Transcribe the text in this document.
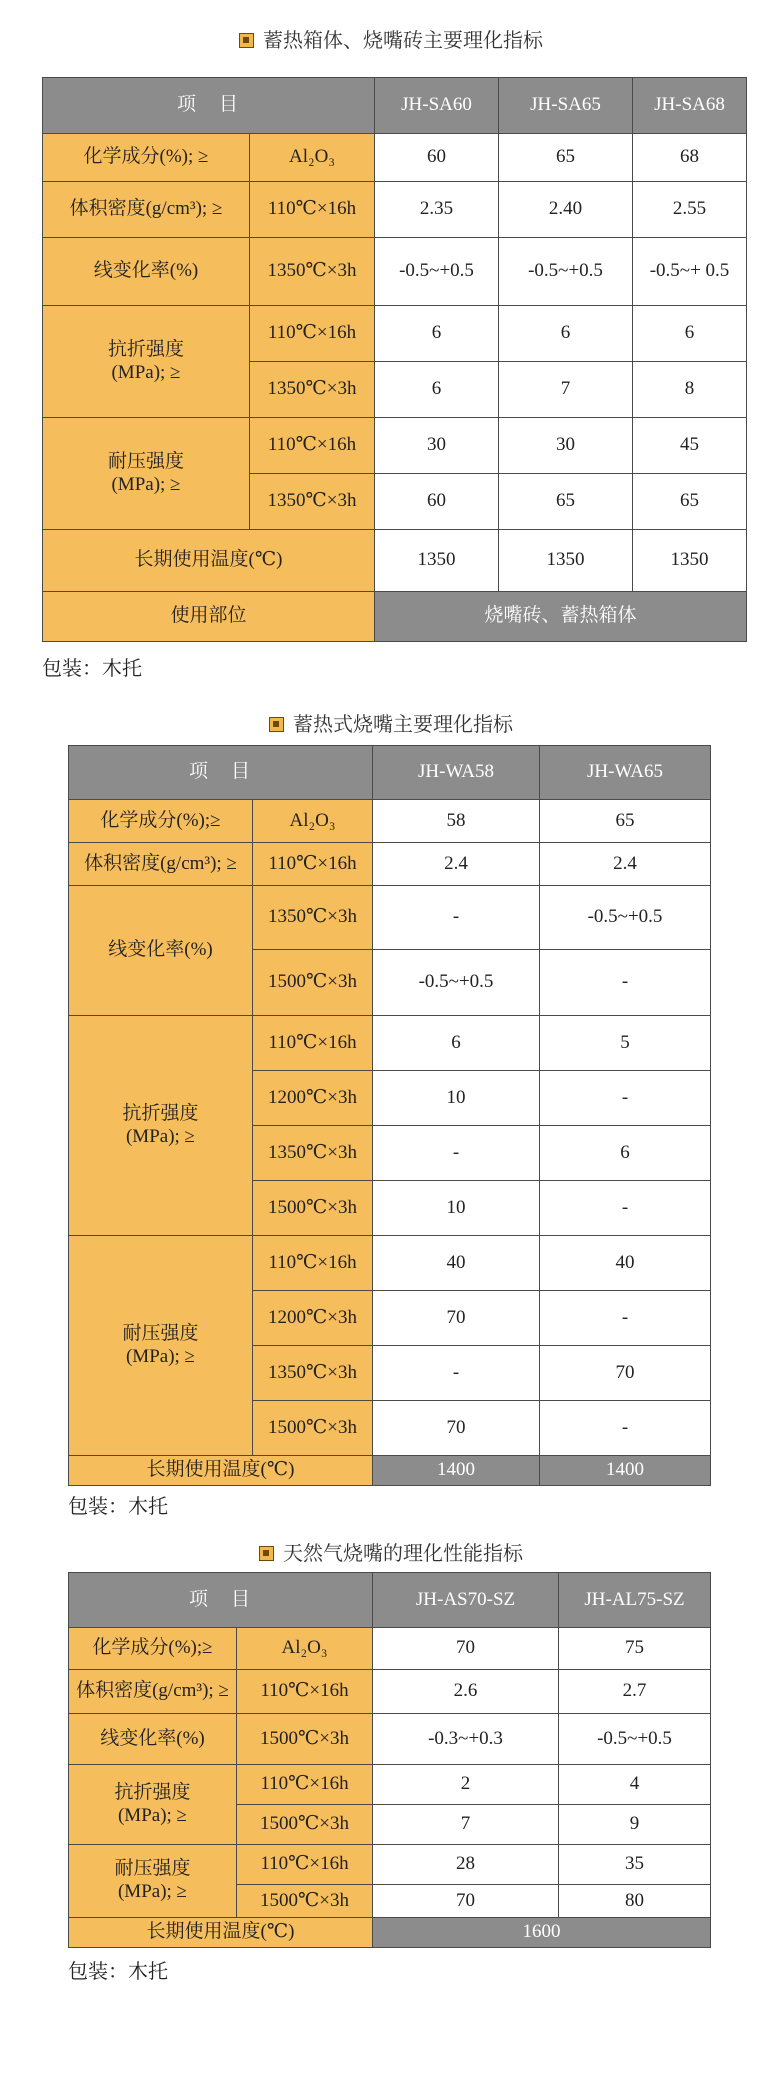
蓄热箱体、烧嘴砖主要理化指标
项　目		JH-SA60	JH-SA65	JH-SA68
化学成分(%); ≥	Al₂O₃	60	65	68
体积密度(g/cm³); ≥	110℃×16h	2.35	2.40	2.55
线变化率(%)	1350℃×3h	-0.5~+0.5	-0.5~+0.5	-0.5~+ 0.5

抗折强度
(MPa); ≥	110℃×16h	6	6	6
	1350℃×3h	6	7	8

耐压强度
(MPa); ≥	110℃×16h	30	30	45
	1350℃×3h	60	65	65
长期使用温度(℃)		1350	1350	1350
使用部位		烧嘴砖、蓄热箱体		
包装：木托
蓄热式烧嘴主要理化指标
项　目		JH-WA58	JH-WA65
化学成分(%);≥	Al₂O₃	58	65
体积密度(g/cm³); ≥	110℃×16h	2.4	2.4
线变化率(%)	1350℃×3h	-	-0.5~+0.5
	1500℃×3h	-0.5~+0.5	-

抗折强度
(MPa); ≥	110℃×16h	6	5
	1200℃×3h	10	-
	1350℃×3h	-	6
	1500℃×3h	10	-

耐压强度
(MPa); ≥	110℃×16h	40	40
	1200℃×3h	70	-
	1350℃×3h	-	70
	1500℃×3h	70	-
长期使用温度(℃)		1400	1400
包装：木托
天然气烧嘴的理化性能指标
项　目		JH-AS70-SZ	JH-AL75-SZ
化学成分(%);≥	Al₂O₃	70	75
体积密度(g/cm³); ≥	110℃×16h	2.6	2.7
线变化率(%)	1500℃×3h	-0.3~+0.3	-0.5~+0.5

抗折强度
(MPa); ≥	110℃×16h	2	4
	1500℃×3h	7	9

耐压强度
(MPa); ≥	110℃×16h	28	35
	1500℃×3h	70	80
长期使用温度(℃)		1600	
包装：木托
